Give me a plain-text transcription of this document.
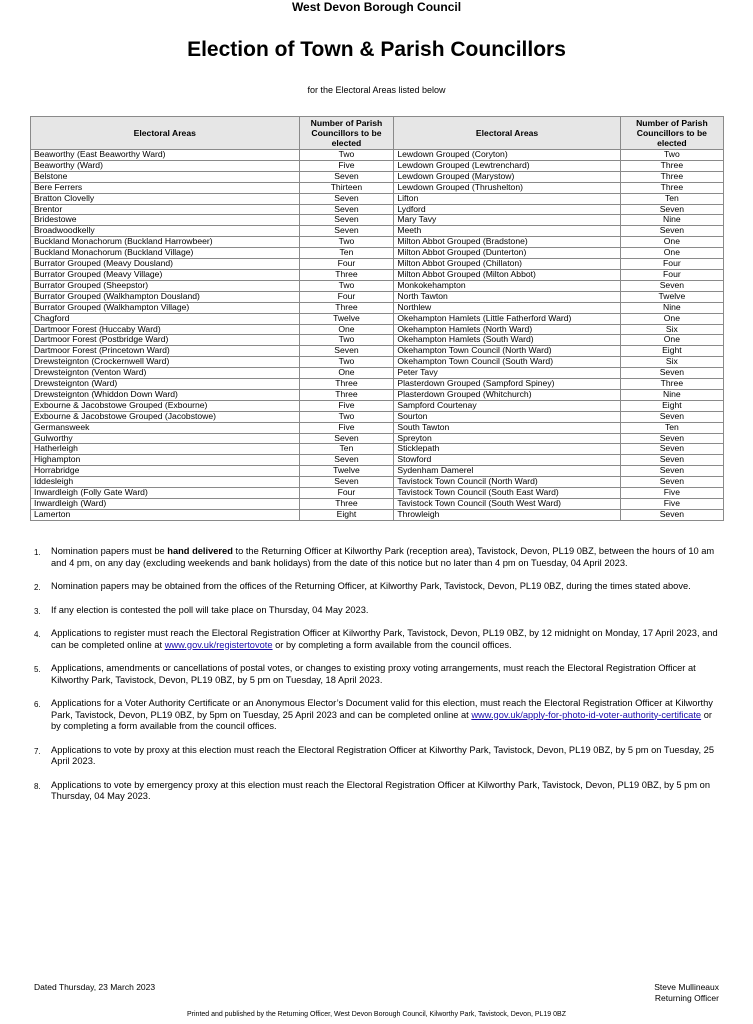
West Devon Borough Council
Election of Town & Parish Councillors
for the Electoral Areas listed below
Electoral Areas	Number of Parish Councillors to be elected	Electoral Areas	Number of Parish Councillors to be elected
Beaworthy (East Beaworthy Ward)	Two	Lewdown Grouped (Coryton)	Two
Beaworthy (Ward)	Five	Lewdown Grouped (Lewtrenchard)	Three
Belstone	Seven	Lewdown Grouped (Marystow)	Three
Bere Ferrers	Thirteen	Lewdown Grouped (Thrushelton)	Three
Bratton Clovelly	Seven	Lifton	Ten
Brentor	Seven	Lydford	Seven
Bridestowe	Seven	Mary Tavy	Nine
Broadwoodkelly	Seven	Meeth	Seven
Buckland Monachorum (Buckland Harrowbeer)	Two	Milton Abbot Grouped (Bradstone)	One
Buckland Monachorum (Buckland Village)	Ten	Milton Abbot Grouped (Dunterton)	One
Burrator Grouped (Meavy Dousland)	Four	Milton Abbot Grouped (Chillaton)	Four
Burrator Grouped (Meavy Village)	Three	Milton Abbot Grouped (Milton Abbot)	Four
Burrator Grouped (Sheepstor)	Two	Monkokehampton	Seven
Burrator Grouped (Walkhampton Dousland)	Four	North Tawton	Twelve
Burrator Grouped (Walkhampton Village)	Three	Northlew	Nine
Chagford	Twelve	Okehampton Hamlets (Little Fatherford Ward)	One
Dartmoor Forest (Huccaby Ward)	One	Okehampton Hamlets (North Ward)	Six
Dartmoor Forest (Postbridge Ward)	Two	Okehampton Hamlets (South Ward)	One
Dartmoor Forest (Princetown Ward)	Seven	Okehampton Town Council (North Ward)	Eight
Drewsteignton (Crockernwell Ward)	Two	Okehampton Town Council (South Ward)	Six
Drewsteignton (Venton Ward)	One	Peter Tavy	Seven
Drewsteignton (Ward)	Three	Plasterdown Grouped (Sampford Spiney)	Three
Drewsteignton (Whiddon Down Ward)	Three	Plasterdown Grouped (Whitchurch)	Nine
Exbourne & Jacobstowe Grouped (Exbourne)	Five	Sampford Courtenay	Eight
Exbourne & Jacobstowe Grouped (Jacobstowe)	Two	Sourton	Seven
Germansweek	Five	South Tawton	Ten
Gulworthy	Seven	Spreyton	Seven
Hatherleigh	Ten	Sticklepath	Seven
Highampton	Seven	Stowford	Seven
Horrabridge	Twelve	Sydenham Damerel	Seven
Iddesleigh	Seven	Tavistock Town Council (North Ward)	Seven
Inwardleigh (Folly Gate Ward)	Four	Tavistock Town Council (South East Ward)	Five
Inwardleigh (Ward)	Three	Tavistock Town Council (South West Ward)	Five
Lamerton	Eight	Throwleigh	Seven
1. Nomination papers must be hand delivered to the Returning Officer at Kilworthy Park (reception area), Tavistock, Devon, PL19 0BZ, between the hours of 10 am and 4 pm, on any day (excluding weekends and bank holidays) from the date of this notice but no later than 4 pm on Tuesday, 04 April 2023.
2. Nomination papers may be obtained from the offices of the Returning Officer, at Kilworthy Park, Tavistock, Devon, PL19 0BZ, during the times stated above.
3. If any election is contested the poll will take place on Thursday, 04 May 2023.
4. Applications to register must reach the Electoral Registration Officer at Kilworthy Park, Tavistock, Devon, PL19 0BZ, by 12 midnight on Monday, 17 April 2023, and can be completed online at www.gov.uk/registertovote or by completing a form available from the council offices.
5. Applications, amendments or cancellations of postal votes, or changes to existing proxy voting arrangements, must reach the Electoral Registration Officer at Kilworthy Park, Tavistock, Devon, PL19 0BZ, by 5 pm on Tuesday, 18 April 2023.
6. Applications for a Voter Authority Certificate or an Anonymous Elector’s Document valid for this election, must reach the Electoral Registration Officer at Kilworthy Park, Tavistock, Devon, PL19 0BZ, by 5pm on Tuesday, 25 April 2023 and can be completed online at www.gov.uk/apply-for-photo-id-voter-authority-certificate or by completing a form available from the council offices.
7. Applications to vote by proxy at this election must reach the Electoral Registration Officer at Kilworthy Park, Tavistock, Devon, PL19 0BZ, by 5 pm on Tuesday, 25 April 2023.
8. Applications to vote by emergency proxy at this election must reach the Electoral Registration Officer at Kilworthy Park, Tavistock, Devon, PL19 0BZ, by 5 pm on Thursday, 04 May 2023.
Dated Thursday, 23 March 2023	Steve Mullineaux
Returning Officer
Printed and published by the Returning Officer, West Devon Borough Council, Kilworthy Park, Tavistock, Devon, PL19 0BZ
